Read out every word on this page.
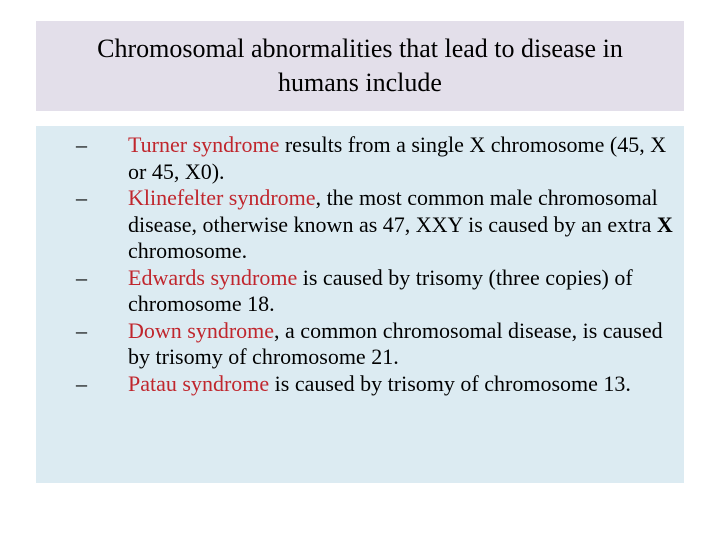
Chromosomal abnormalities that lead to disease in humans include
–	Turner syndrome results from a single X chromosome (45, X or 45, X0).
–	Klinefelter syndrome, the most common male chromosomal disease, otherwise known as 47, XXY is caused by an extra X chromosome.
–	Edwards syndrome is caused by trisomy (three copies) of chromosome 18.
–	Down syndrome, a common chromosomal disease, is caused by trisomy of chromosome 21.
–	Patau syndrome is caused by trisomy of chromosome 13.
